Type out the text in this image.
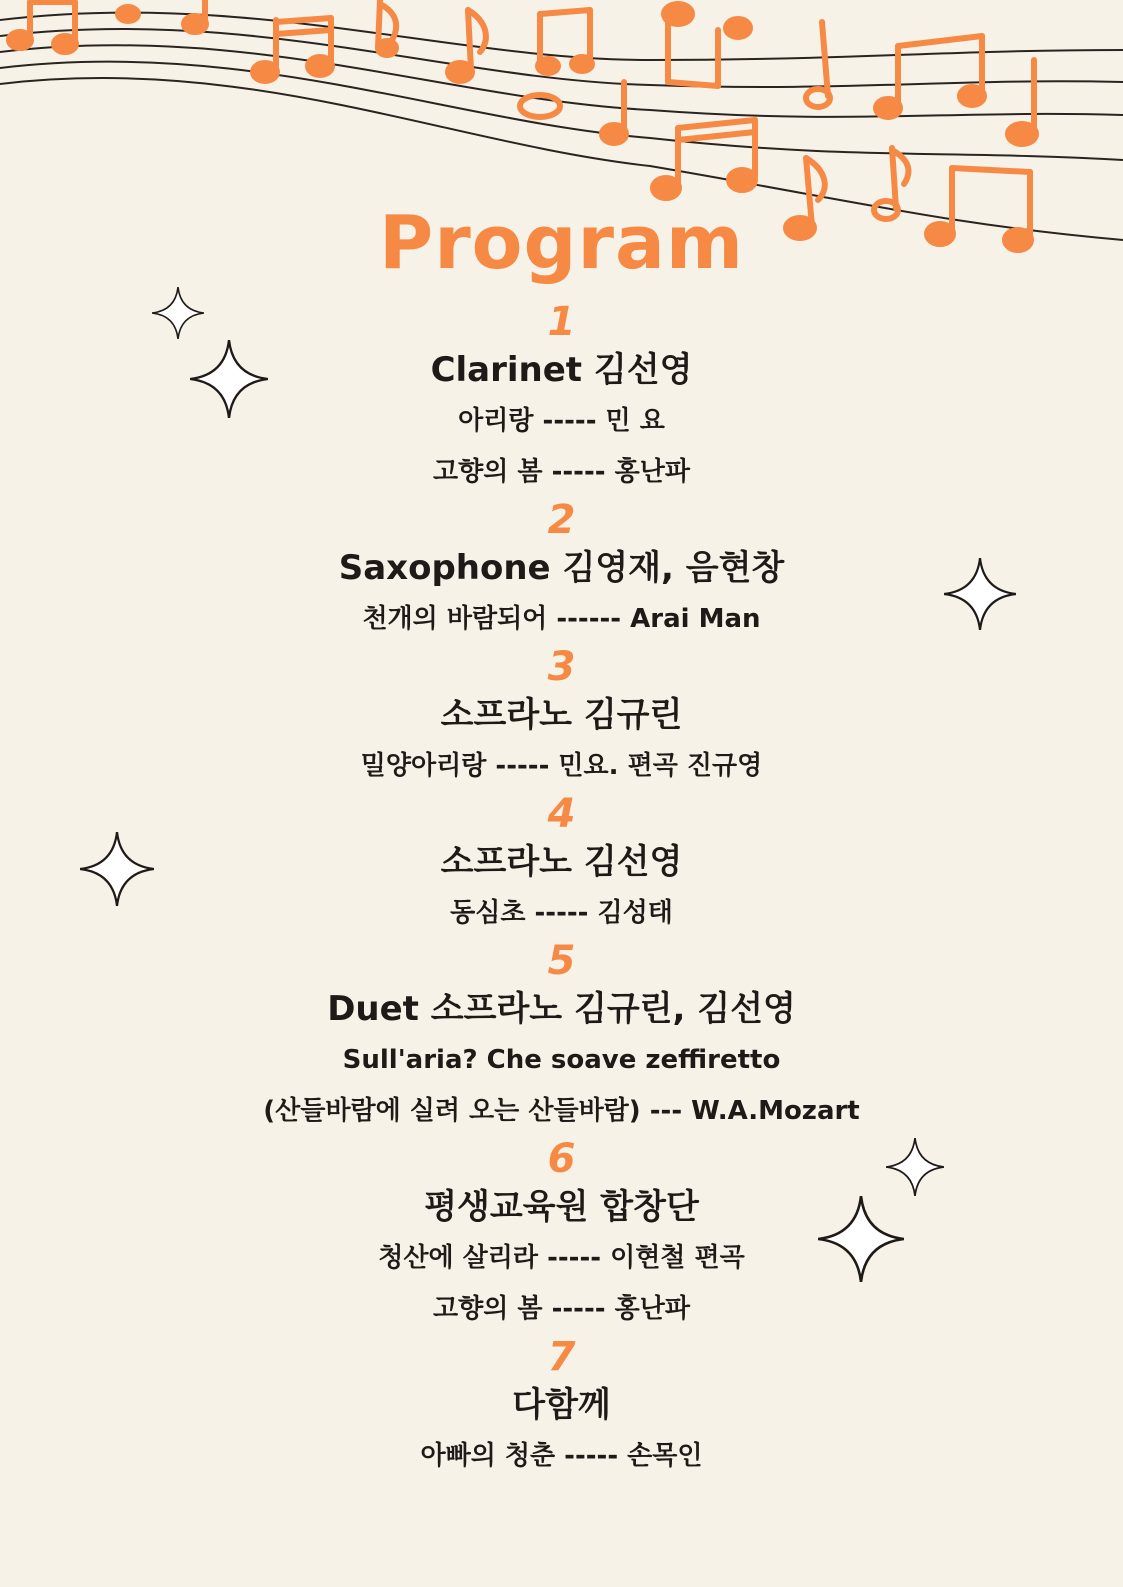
Program
1
Clarinet 김선영
아리랑 ----- 민 요
고향의 봄 ----- 홍난파
2
Saxophone 김영재, 음현창
천개의 바람되어 ------ Arai Man
3
소프라노 김규린
밀양아리랑 ----- 민요. 편곡 진규영
4
소프라노 김선영
동심초 ----- 김성태
5
Duet 소프라노 김규린, 김선영
Sull'aria? Che soave zeffiretto
(산들바람에 실려 오는 산들바람) --- W.A.Mozart
6
평생교육원 합창단
청산에 살리라 ----- 이현철 편곡
고향의 봄 ----- 홍난파
7
다함께
아빠의 청춘 ----- 손목인
